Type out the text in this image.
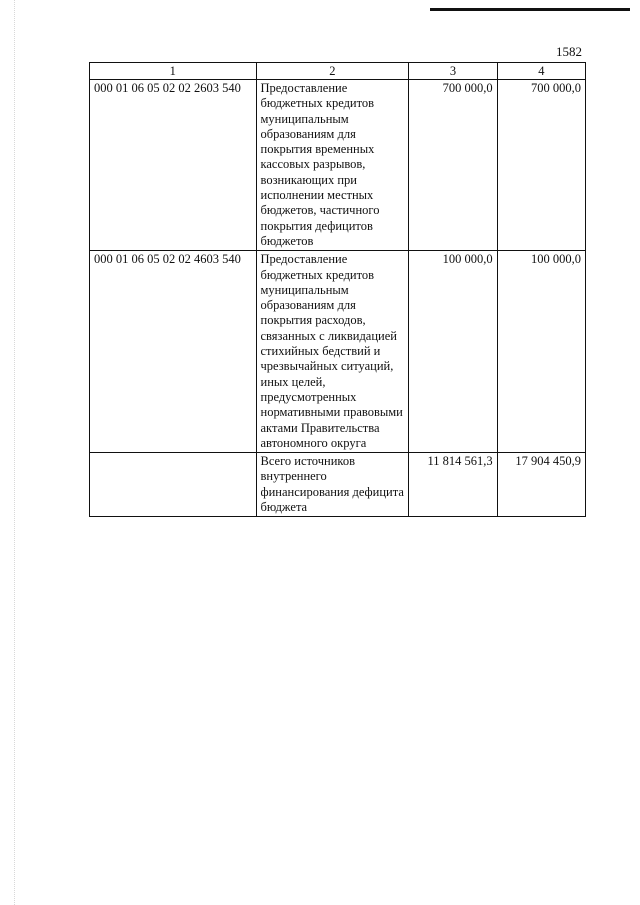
1582
1	2	3	4
000 01 06 05 02 02 2603 540	Предоставление бюджетных кредитов муниципальным образованиям для покрытия временных кассовых разрывов, возникающих при исполнении местных бюджетов, частичного покрытия дефицитов бюджетов	700 000,0	700 000,0
000 01 06 05 02 02 4603 540	Предоставление бюджетных кредитов муниципальным образованиям для покрытия расходов, связанных с ликвидацией стихийных бедствий и чрезвычайных ситуаций, иных целей, предусмотренных нормативными правовыми актами Правительства автономного округа	100 000,0	100 000,0
	Всего источников внутреннего финансирования дефицита бюджета	11 814 561,3	17 904 450,9
